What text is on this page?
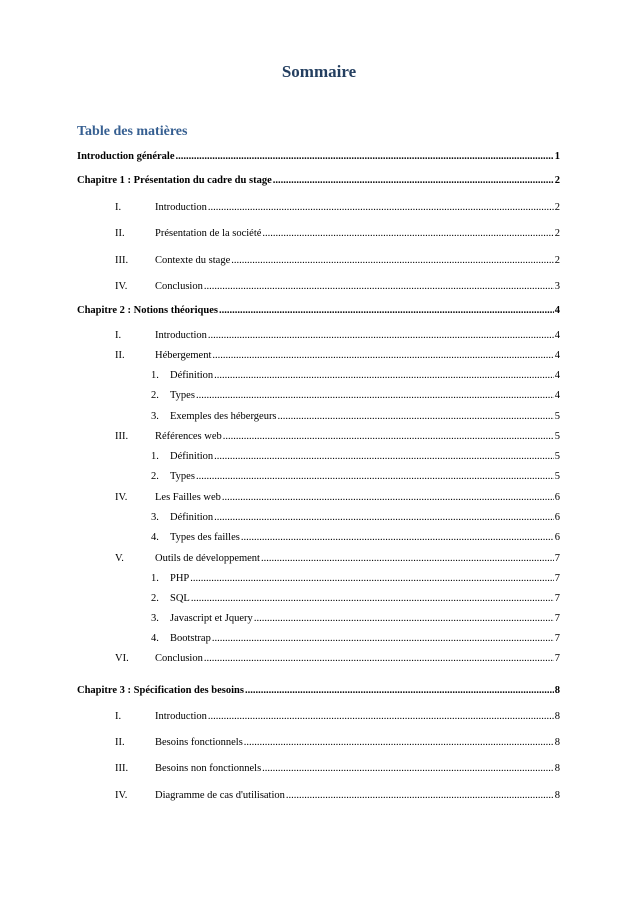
Sommaire
Table des matières
Introduction générale .....	1
Chapitre 1 : Présentation du cadre du stage .....	2
I.	Introduction .....	2
II.	Présentation de la société .....	2
III.	Contexte du stage .....	2
IV.	Conclusion .....	3
Chapitre 2 : Notions théoriques .....	4
I.	Introduction .....	4
II.	Hébergement .....	4
1.	Définition .....	4
2.	Types .....	4
3.	Exemples des hébergeurs .....	5
III.	Références web .....	5
1.	Définition .....	5
2.	Types .....	5
IV.	Les Failles web .....	6
3.	Définition .....	6
4.	Types des failles .....	6
V.	Outils de développement .....	7
1.	PHP .....	7
2.	SQL .....	7
3.	Javascript et Jquery .....	7
4.	Bootstrap .....	7
VI.	Conclusion .....	7
Chapitre 3 : Spécification des besoins .....	8
I.	Introduction .....	8
II.	Besoins fonctionnels .....	8
III.	Besoins non fonctionnels .....	8
IV.	Diagramme de cas d'utilisation .....	8
